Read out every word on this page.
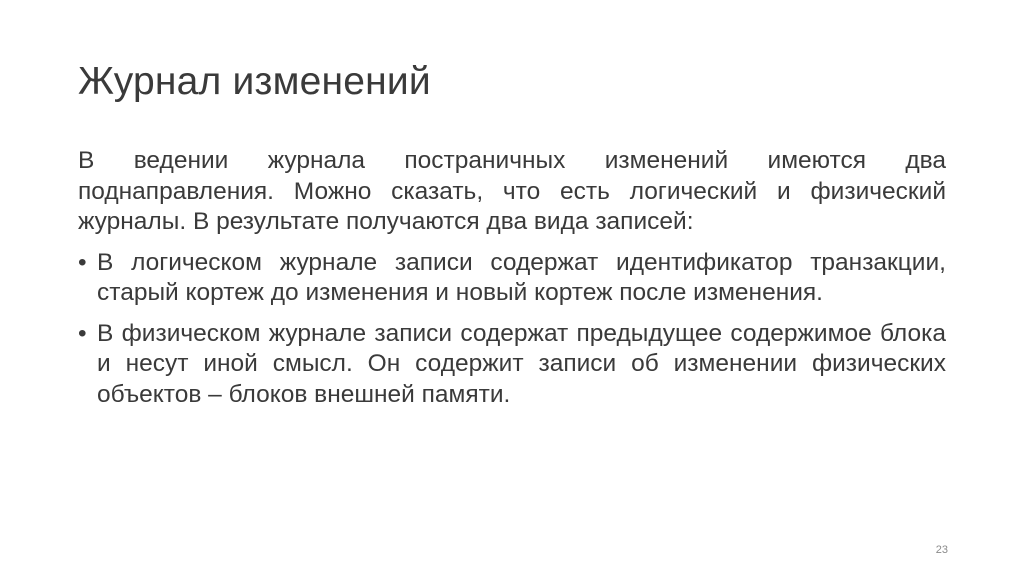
Журнал изменений

В ведении журнала постраничных изменений имеются два поднаправления. Можно сказать, что есть логический и физический журналы. В результате получаются два вида записей:

• В логическом журнале записи содержат идентификатор транзакции, старый кортеж до изменения и новый кортеж после изменения.
• В физическом журнале записи содержат предыдущее содержимое блока и несут иной смысл. Он содержит записи об изменении физических объектов – блоков внешней памяти.
23
